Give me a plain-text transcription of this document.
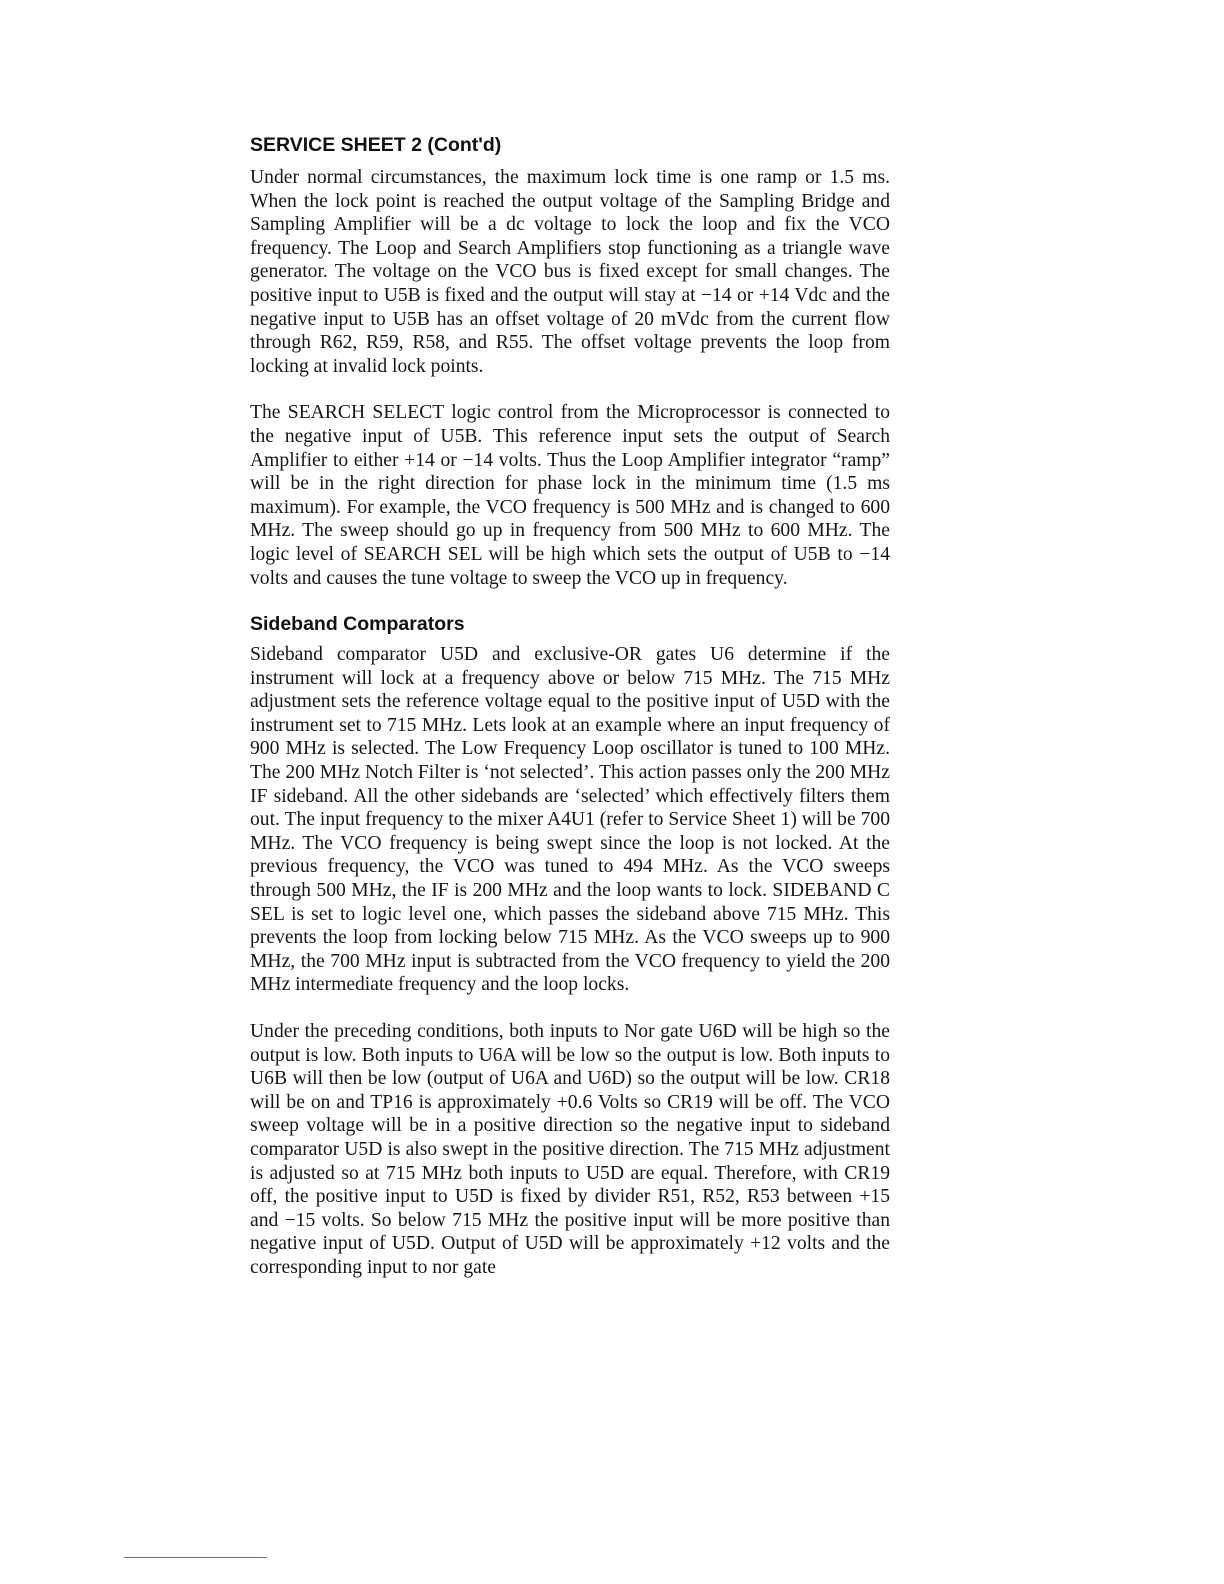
SERVICE SHEET 2 (Cont'd)

Under normal circumstances, the maximum lock time is one ramp or 1.5 ms. When the lock point is reached the output voltage of the Sampling Bridge and Sampling Amplifier will be a dc voltage to lock the loop and fix the VCO frequency. The Loop and Search Amplifiers stop functioning as a triangle wave generator. The voltage on the VCO bus is fixed except for small changes. The positive input to U5B is fixed and the output will stay at −14 or +14 Vdc and the negative input to U5B has an offset voltage of 20 mVdc from the current flow through R62, R59, R58, and R55. The offset voltage prevents the loop from locking at invalid lock points.

The SEARCH SELECT logic control from the Microprocessor is connected to the negative input of U5B. This reference input sets the output of Search Amplifier to either +14 or −14 volts. Thus the Loop Amplifier integrator “ramp” will be in the right direction for phase lock in the minimum time (1.5 ms maximum). For example, the VCO frequency is 500 MHz and is changed to 600 MHz. The sweep should go up in frequency from 500 MHz to 600 MHz. The logic level of SEARCH SEL will be high which sets the output of U5B to −14 volts and causes the tune voltage to sweep the VCO up in frequency.

Sideband Comparators

Sideband comparator U5D and exclusive-OR gates U6 determine if the instrument will lock at a frequency above or below 715 MHz. The 715 MHz adjustment sets the reference voltage equal to the positive input of U5D with the instrument set to 715 MHz. Lets look at an example where an input frequency of 900 MHz is selected. The Low Frequency Loop oscillator is tuned to 100 MHz. The 200 MHz Notch Filter is ‘not selected’. This action passes only the 200 MHz IF sideband. All the other sidebands are ‘selected’ which effectively filters them out. The input frequency to the mixer A4U1 (refer to Service Sheet 1) will be 700 MHz. The VCO frequency is being swept since the loop is not locked. At the previous frequency, the VCO was tuned to 494 MHz. As the VCO sweeps through 500 MHz, the IF is 200 MHz and the loop wants to lock. SIDEBAND C SEL is set to logic level one, which passes the sideband above 715 MHz. This prevents the loop from locking below 715 MHz. As the VCO sweeps up to 900 MHz, the 700 MHz input is subtracted from the VCO frequency to yield the 200 MHz intermediate frequency and the loop locks.

Under the preceding conditions, both inputs to Nor gate U6D will be high so the output is low. Both inputs to U6A will be low so the output is low. Both inputs to U6B will then be low (output of U6A and U6D) so the output will be low. CR18 will be on and TP16 is approximately +0.6 Volts so CR19 will be off. The VCO sweep voltage will be in a positive direction so the negative input to sideband comparator U5D is also swept in the positive direction. The 715 MHz adjustment is adjusted so at 715 MHz both inputs to U5D are equal. Therefore, with CR19 off, the positive input to U5D is fixed by divider R51, R52, R53 between +15 and −15 volts. So below 715 MHz the positive input will be more positive than negative input of U5D. Output of U5D will be approximately +12 volts and the corresponding input to nor gate
